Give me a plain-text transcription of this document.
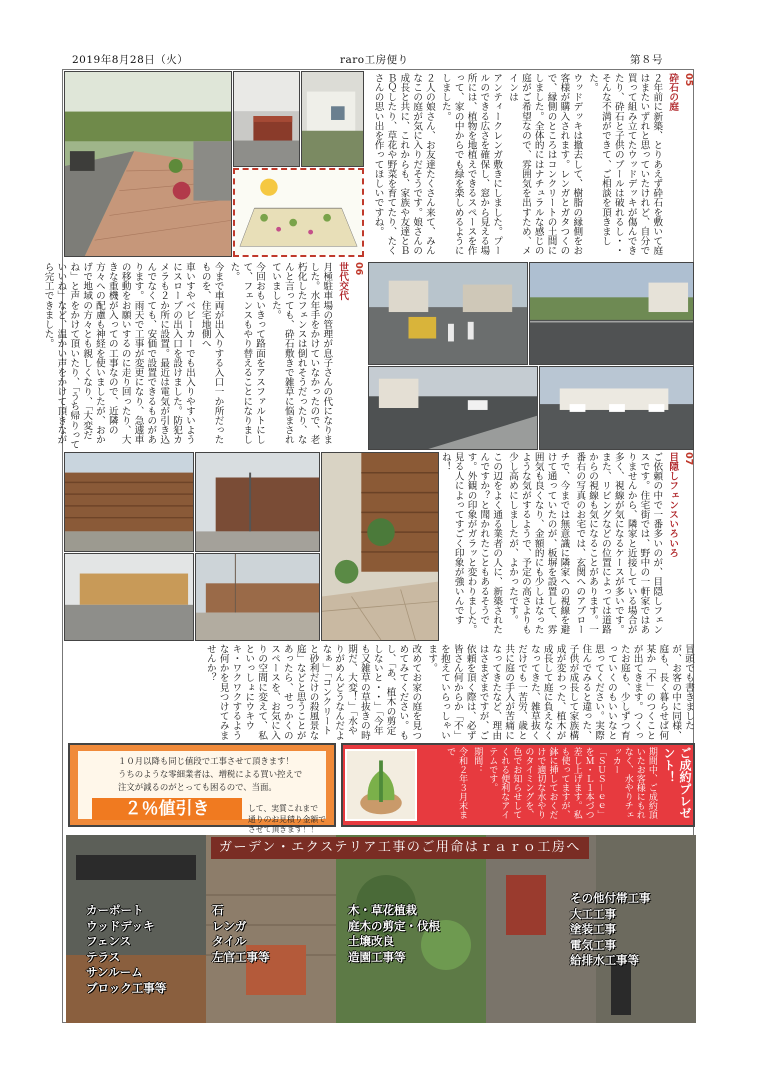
2019年8月28日（火）	raro工房便り	第８号

05

砕石の庭

２年前に新築、とりあえず砕石を敷いて庭はまたいずれと思っていたけれど、自分で買って組み立てたウッドデッキが傷んできたり、砕石と子供のプールは破れるし・・そんな不満ができて、ご相談を頂きました。

ウッドデッキは撤去して、樹脂の縁側をお客様が購入されます。レンガとガタつくので、縁側のところはコンクリートの土間にしました。全体的にはナチュラルな感じの庭がご希望なので、雰囲気を出すため、メインは

アンティークレンガ敷きにしました。プールのできる広さを確保し、窓から見える場所には、植物を地植えできるスペースを作って、家の中からでも緑を楽しめるようにしました。

２人の娘さん、お友達たくさん来て、みんなこの庭が気に入りだそうです。娘さんの成長と共に、これからも、家族や友達とＢＢＱしたり、草花や野菜を育てたり、たくさんの思い出を作ってほしいですね。

06

世代交代

月極駐車場の管理が息子さんの代になりました。水年手をかけていなかったので、老朽化したフェンスは倒れそうだったり、なんと言っても、砕石敷きで雑草に悩まされていました。

今回おもいきって路面をアスファルトにして、フェンスもやり替えることになりました。

今まで車両が出入りする入口一か所だったものを、住宅地側へ

車いすやベビーカーでも出入りやすいようにスロープの出入口を設けました。防犯カメラも２か所に設置。最近は電気が引き込んでなくても、安価で設置できるものがあります。雨天で工事が変更になり、急遽車の移動をお願いするのに走り回ったり、大きな重機が入っての工事なので、近隣の方々への配慮も神経を使いましたが、おかげで地域の方々とも親しくなり、「大変だね」と声をかけて頂いたり、「うち帰りっていいね」など、温かい声をかけて頂きながら完工できました。

07

目隠しフェンスいろいろ

ご依頼の中で一番多いのが、目隠しフェンスです。住宅街では、野中の一軒家ではありませんから、隣家と近接している場合が多く、視線が気になるケースが多いです。また、リビングなどの位置によっては道路からの視線も気になることがあります。一番右の写真のお宅では、玄関へのアプロー

チで、今までは無意識に隣家への視線を避けて通っていたのが、板塀を設置して、雰囲気も良くなり、金額的にも少しはなったような気がするようで、予定の高さよりも少し高めにしましたが、よかったです。

この辺をよく通る業者の人に、新築されたんですか？と聞かれたこともあるそうです。外観の印象がガラッと変わりました。見る人によってすごく印象が強いんですね！

冒頭でも書きましたが、お客の中に同様、庭も、長く暮らせば何某か「不」のつくことが出てきます。つくったお庭も、少しずつ育っていくのもいいなと思ってください。実際住んでみると違った、子供が成長して家族構成が変わった、植木が成長して庭に負えなくなってきた、雑草抜くだけでも一苦労、歳と共に庭の手入が苦痛になってきたなど、理由はさまざまですが、ご依頼を頂く際は、必ず皆さん何からか「不」を抱えていらっしゃいます。

改めてお家の庭を見つめてみてください。もし、「あ、植木の剪定しないと・・」「今年も又雑草の草抜きの時期だ、大変！」「水やりがめんどうなんだよなぁ」「コンクリートと砂利だけの殺風景な庭」などと思うことがあったら、せっかくのスペースを、お気に入りの空間に変えて、私といっしょにウキウキ・ワクワクするような何かを見つけてみませんか？

１０月以降も同じ値段で工事させて頂きます！
うちのような零細業者は、増税による買い控えで
注文が減るのがとっても困るので、当面。
２％値引き	して、実質これまで
通りのお見積り金額でさせて頂きます！！

ご成約プレゼント！

期間中、ご成約頂いたお客様にもれなく、水やりチェッカー

「ＳＵＳ－ｅｅ」をＭ・Ｌ１本づつ差し上げます。私も使ってますが、鉢に挿しておくだけで適切な水やりのタイミングを、色でお知らせしてくれる便利なアイテムです。

期間：

令和２年３月末まで

ガーデン・エクステリア工事のご用命はｒａｒｏ工房へ
カーポート
ウッドデッキ
フェンス
テラス
サンルーム
ブロック工事等
石
レンガ
タイル
左官工事等
木・草花植栽
庭木の剪定・伐根
土壌改良
造園工事等
その他付帯工事
大工工事
塗装工事
電気工事
給排水工事等
